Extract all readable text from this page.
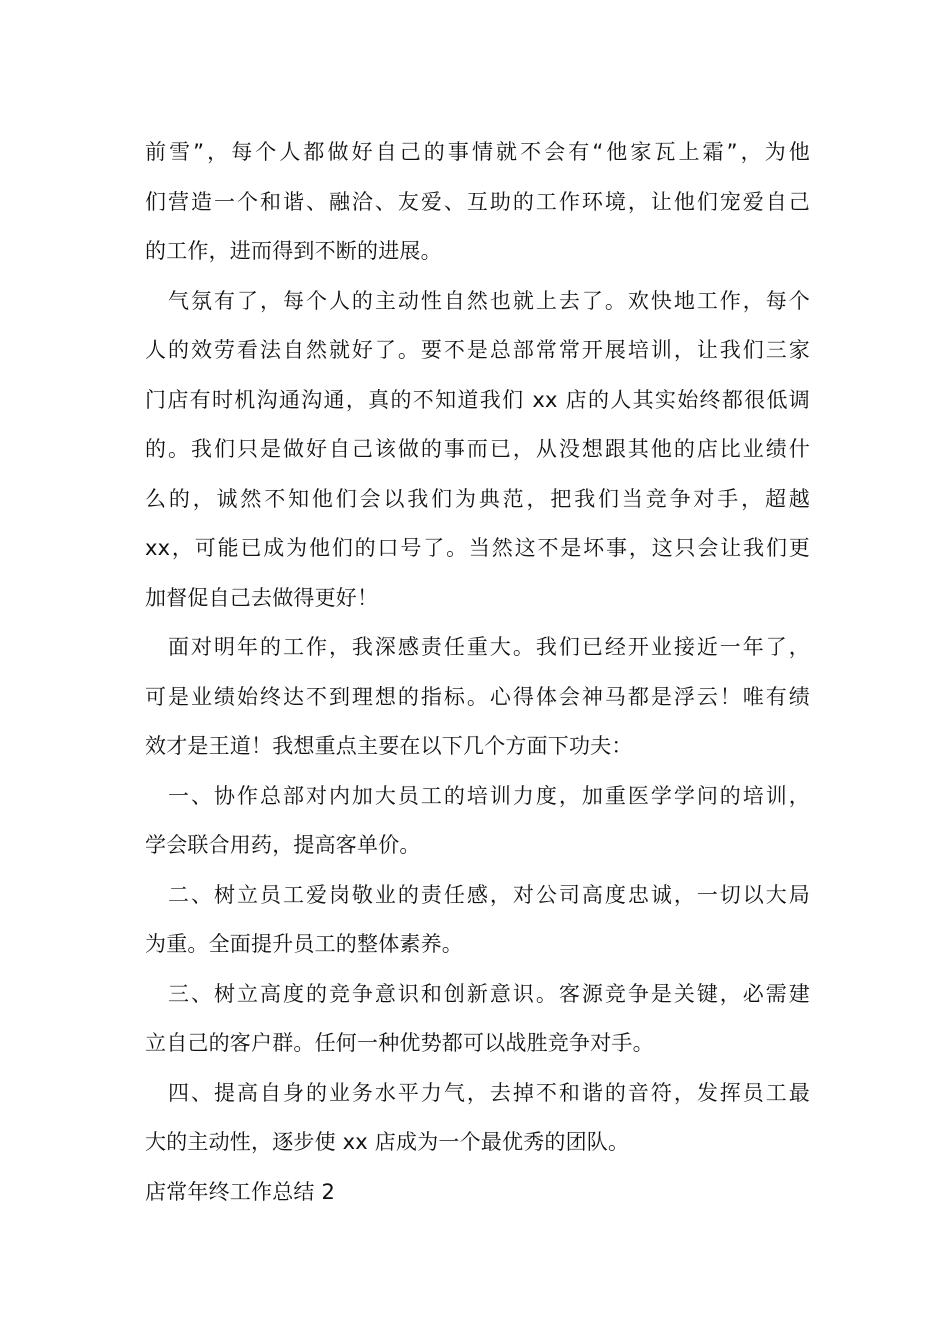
前雪”，每个人都做好自己的事情就不会有“他家瓦上霜”，为他
们营造一个和谐、融洽、友爱、互助的工作环境，让他们宠爱自己
的工作，进而得到不断的进展。
气氛有了，每个人的主动性自然也就上去了。欢快地工作，每个
人的效劳看法自然就好了。要不是总部常常开展培训，让我们三家
门店有时机沟通沟通，真的不知道我们 xx 店的人其实始终都很低调
的。我们只是做好自己该做的事而已，从没想跟其他的店比业绩什
么的，诚然不知他们会以我们为典范，把我们当竞争对手，超越
xx，可能已成为他们的口号了。当然这不是坏事，这只会让我们更
加督促自己去做得更好！
面对明年的工作，我深感责任重大。我们已经开业接近一年了，
可是业绩始终达不到理想的指标。心得体会神马都是浮云！唯有绩
效才是王道！我想重点主要在以下几个方面下功夫：
一、协作总部对内加大员工的培训力度，加重医学学问的培训，
学会联合用药，提高客单价。
二、树立员工爱岗敬业的责任感，对公司高度忠诚，一切以大局
为重。全面提升员工的整体素养。
三、树立高度的竞争意识和创新意识。客源竞争是关键，必需建
立自己的客户群。任何一种优势都可以战胜竞争对手。
四、提高自身的业务水平力气，去掉不和谐的音符，发挥员工最
大的主动性，逐步使 xx 店成为一个最优秀的团队。
店常年终工作总结 2
